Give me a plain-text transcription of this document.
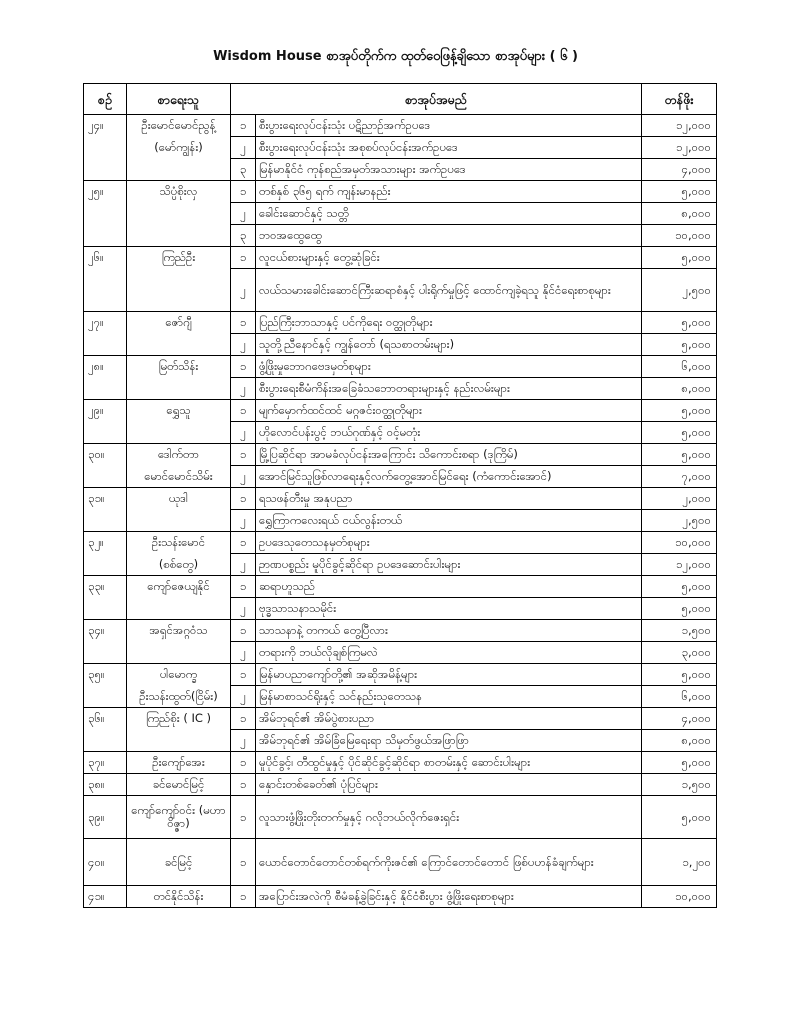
Wisdom House စာအုပ်တိုက်က ထုတ်ဝေဖြန့်ချိသော စာအုပ်များ ( ၆ )
စဉ်	စာရေးသူ	စာအုပ်အမည်		တန်ဖိုး
၂၄။	ဦးမောင်မောင်ညွန့်	၁	စီးပွားရေးလုပ်ငန်းသုံး ပဋိညာဉ်အက်ဥပဒေ	၁၂,၀၀၀
	(မော်ကျွန်း)	၂	စီးပွားရေးလုပ်ငန်းသုံး အစုစပ်လုပ်ငန်းအက်ဥပဒေ	၁၂,၀၀၀
		၃	မြန်မာနိုင်ငံ ကုန်စည်အမှတ်အသားများ အက်ဥပဒေ	၄,၀၀၀
၂၅။	သိပ္ပံစိုးလှ	၁	တစ်နှစ် ၃၆၅ ရက် ကျန်းမာနည်း	၅,၀၀၀
		၂	ခေါင်းဆောင်နှင့် သတ္တိ	၈,၀၀၀
		၃	ဘဝအထွေထွေ	၁၀,၀၀၀
၂၆။	ကြည်ဦး	၁	လူငယ်စားများနှင့် တွေ့ဆုံခြင်း	၅,၀၀၀
		၂	လယ်သမားခေါင်းဆောင်ကြီးဆရာစံနှင့် ပါးရိုက်မှုဖြင့် ထောင်ကျခဲ့ရသူ နိုင်ငံရေးစာစုများ	၂,၅၀၀
၂၇။	ဇော်ဂျီ	၁	ပြည်ကြီးဘာသာနှင့် ပင်ကိုရေး ဝတ္ထုတိုများ	၅,၀၀၀
		၂	သူတို့ညီနောင်နှင့် ကျွန်တော် (ရသစာတမ်းများ)	၅,၀၀၀
၂၈။	မြတ်သိန်း	၁	ဖွံ့ဖြိုးမှုဘောဂဗေဒမှတ်စုများ	၆,၀၀၀
		၂	စီးပွားရေးစီမံကိန်းအခြေခံသဘောတရားများနှင့် နည်းလမ်းများ	၈,၀၀၀
၂၉။	ရွှေသူ	၁	မျက်မှောက်ထင်ထင် မဂ္ဂဇင်းဝတ္ထုတိုများ	၅,၀၀၀
		၂	ဟိုလောင်ပန်းပွင့် ဘယ်ဂုဏ်နှင့် ဝင့်မတုံး	၅,၀၀၀
၃၀။	ဒေါက်တာ	၁	မြို့ပြဆိုင်ရာ အာမခံလုပ်ငန်းအကြောင်း သိကောင်းစရာ (ဒုကြိမ်)	၅,၀၀၀
	မောင်မောင်သိမ်း	၂	အောင်မြင်သူဖြစ်လာရေးနှင့်လက်တွေ့အောင်မြင်ရေး (ကံကောင်းအောင်)	၇,၀၀၀
၃၁။	ယုဒါ	၁	ရသဖန်တီးမှု အနုပညာ	၂,၀၀၀
		၂	ရွှေကြာကလေးရယ် ငယ်လွန်းတယ်	၂,၅၀၀
၃၂။	ဦးသန်းမောင်	၁	ဥပဒေသုတေသနမှတ်စုများ	၁၀,၀၀၀
	(စစ်တွေ)	၂	ဉာဏပစ္စည်း မူပိုင်ခွင့်ဆိုင်ရာ ဥပဒေဆောင်းပါးများ	၁၂,၀၀၀
၃၃။	ကျော်ဇေယျနိုင်	၁	ဆရာဟူသည်	၅,၀၀၀
		၂	ဗုဒ္ဓသာသနာသမိုင်း	၅,၀၀၀
၃၄။	အရှင်အဂ္ဂဝံသ	၁	သာသနာနဲ့ တကယ် တွေ့ပြီလား	၁,၅၀၀
		၂	တရားကို ဘယ်လိုချစ်ကြမလဲ	၃,၀၀၀
၃၅။	ပါမောက္ခ	၁	မြန်မာပညာကျော်တို့၏ အဆိုအမိန့်များ	၅,၀၀၀
	ဦးသန်းထွတ်(ငြိမ်း)	၂	မြန်မာစာသင်ရိုးနှင့် သင်နည်းသုတေသန	၆,၀၀၀
၃၆။	ကြည်စိုး ( IC )	၁	အိမ်ဘုရင်၏ အိမ်ပွဲစားပညာ	၄,၀၀၀
		၂	အိမ်ဘုရင်၏ အိမ်ခြံမြေရေးရာ သိမှတ်ဖွယ်အဖြာဖြာ	၈,၀၀၀
၃၇။	ဦးကျော်အေး	၁	မူပိုင်ခွင့်၊ တီထွင်မှုနှင့် ပိုင်ဆိုင်ခွင့်ဆိုင်ရာ စာတမ်းနှင့် ဆောင်းပါးများ	၅,၀၀၀
၃၈။	ခင်မောင်မြင့်	၁	နှောင်းတစ်ခေတ်၏ ပုံပြင်များ	၁,၅၀၀
၃၉။	ကျော်ကျော်ဝင်း (မဟာဝိဇ္ဇာ)	၁	လူသားဖွံ့ဖြိုးတိုးတက်မှုနှင့် ဂလိုဘယ်လိုက်ဇေးရှင်း	၅,၀၀၀
၄၀။	ခင်မြင့်	၁	ယောင်တောင်တောင်တစ်ရက်ကိုးဇင်၏ ကြောင်တောင်တောင် ဖြစ်ပဟန်ခံချက်များ	၁,၂၀၀
၄၁။	တင်နိုင်သိန်း	၁	အပြောင်းအလဲကို စီမံခန့်ခွဲခြင်းနှင့် နိုင်ငံစီးပွား ဖွံ့ဖြိုးရေးစာစုများ	၁၀,၀၀၀
